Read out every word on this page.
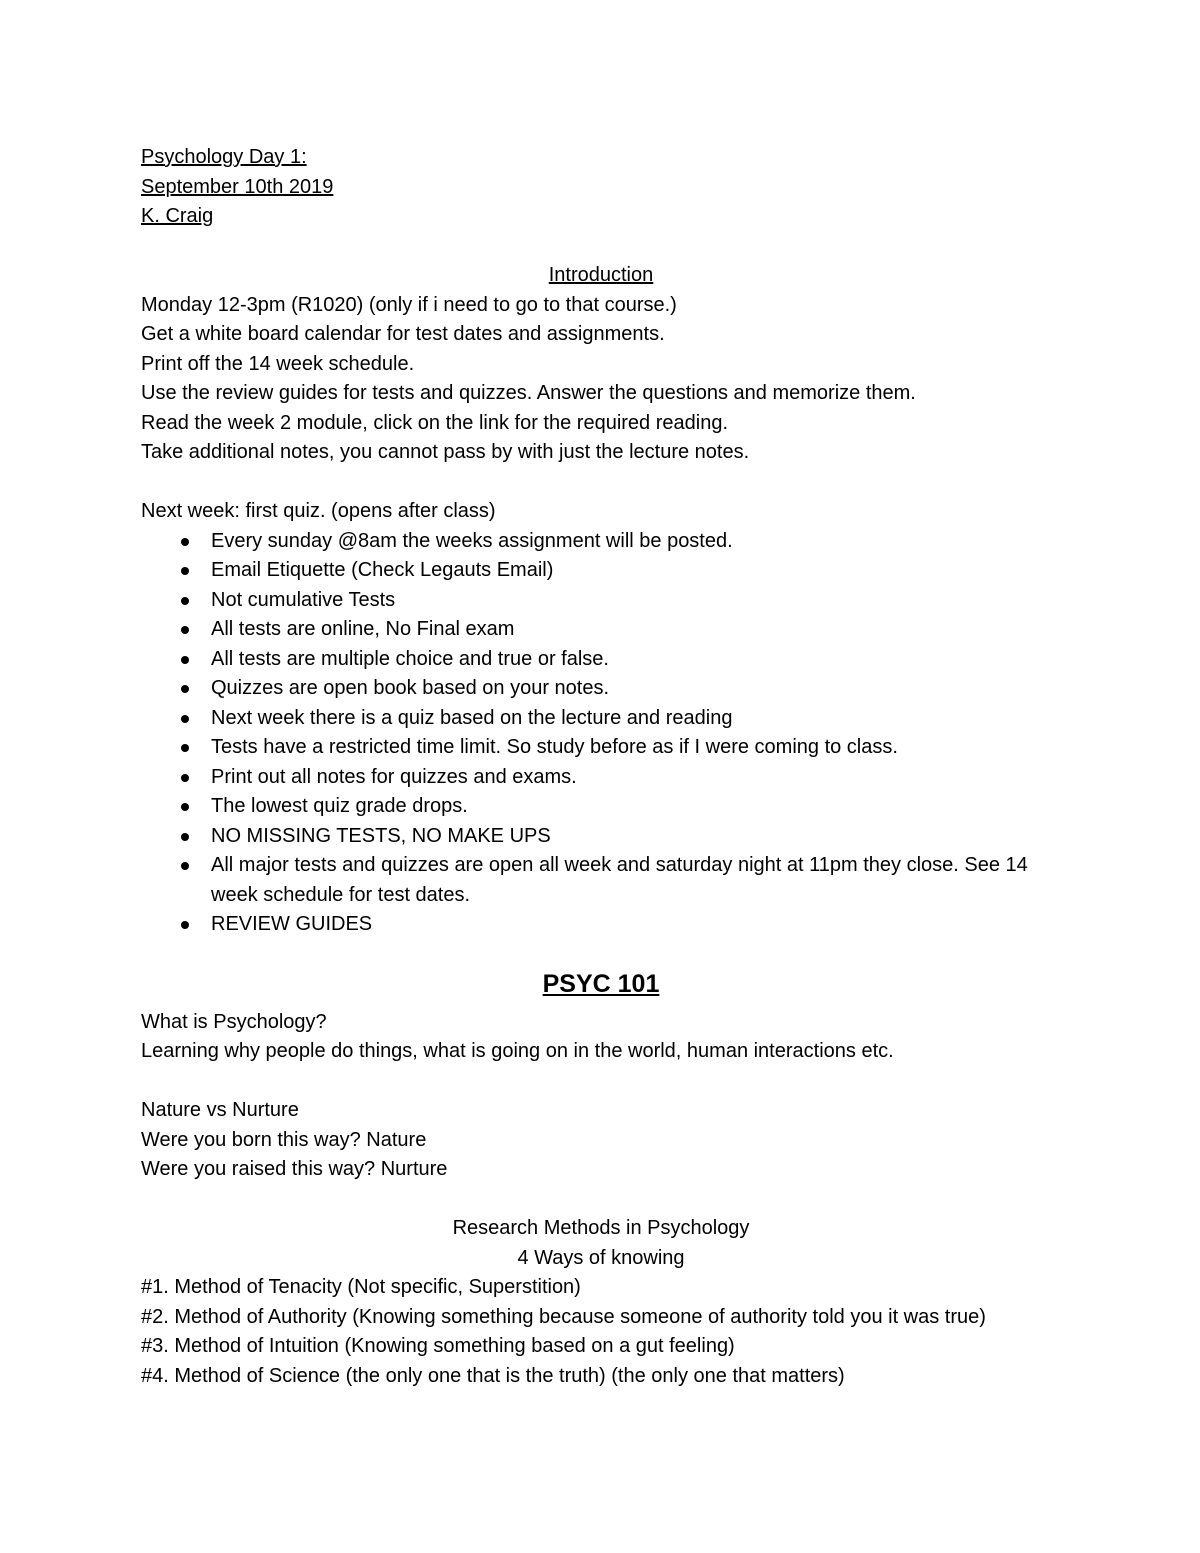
Psychology Day 1:
September 10th 2019
K. Craig
Introduction
Monday 12-3pm (R1020) (only if i need to go to that course.)
Get a white board calendar for test dates and assignments.
Print off the 14 week schedule.
Use the review guides for tests and quizzes. Answer the questions and memorize them.
Read the week 2 module, click on the link for the required reading.
Take additional notes, you cannot pass by with just the lecture notes.
Next week: first quiz. (opens after class)
Every sunday @8am the weeks assignment will be posted.
Email Etiquette (Check Legauts Email)
Not cumulative Tests
All tests are online, No Final exam
All tests are multiple choice and true or false.
Quizzes are open book based on your notes.
Next week there is a quiz based on the lecture and reading
Tests have a restricted time limit. So study before as if I were coming to class.
Print out all notes for quizzes and exams.
The lowest quiz grade drops.
NO MISSING TESTS, NO MAKE UPS
All major tests and quizzes are open all week and saturday night at 11pm they close. See 14 week schedule for test dates.
REVIEW GUIDES
PSYC 101
What is Psychology?
Learning why people do things, what is going on in the world, human interactions etc.
Nature vs Nurture
Were you born this way? Nature
Were you raised this way? Nurture
Research Methods in Psychology
4 Ways of knowing
#1. Method of Tenacity (Not specific, Superstition)
#2. Method of Authority (Knowing something because someone of authority told you it was true)
#3. Method of Intuition (Knowing something based on a gut feeling)
#4. Method of Science (the only one that is the truth) (the only one that matters)
